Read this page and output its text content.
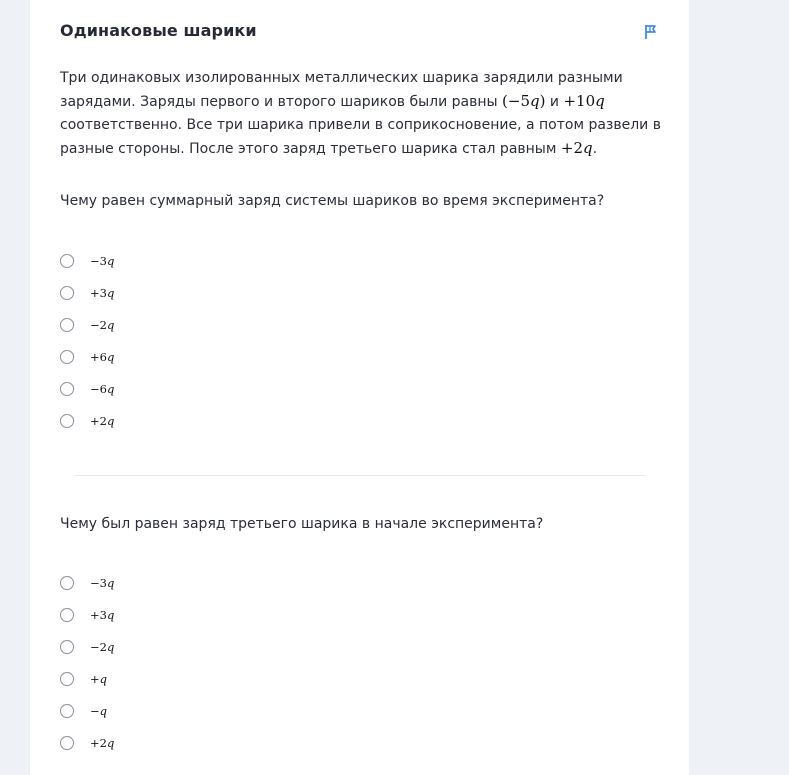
Одинаковые шарики
Три одинаковых изолированных металлических шарика зарядили разными зарядами. Заряды первого и второго шариков были равны (−5q) и +10q соответственно. Все три шарика привели в соприкосновение, а потом развели в разные стороны. После этого заряд третьего шарика стал равным +2q.
Чему равен суммарный заряд системы шариков во время эксперимента?
−3q
+3q
−2q
+6q
−6q
+2q
Чему был равен заряд третьего шарика в начале эксперимента?
−3q
+3q
−2q
+q
−q
+2q
